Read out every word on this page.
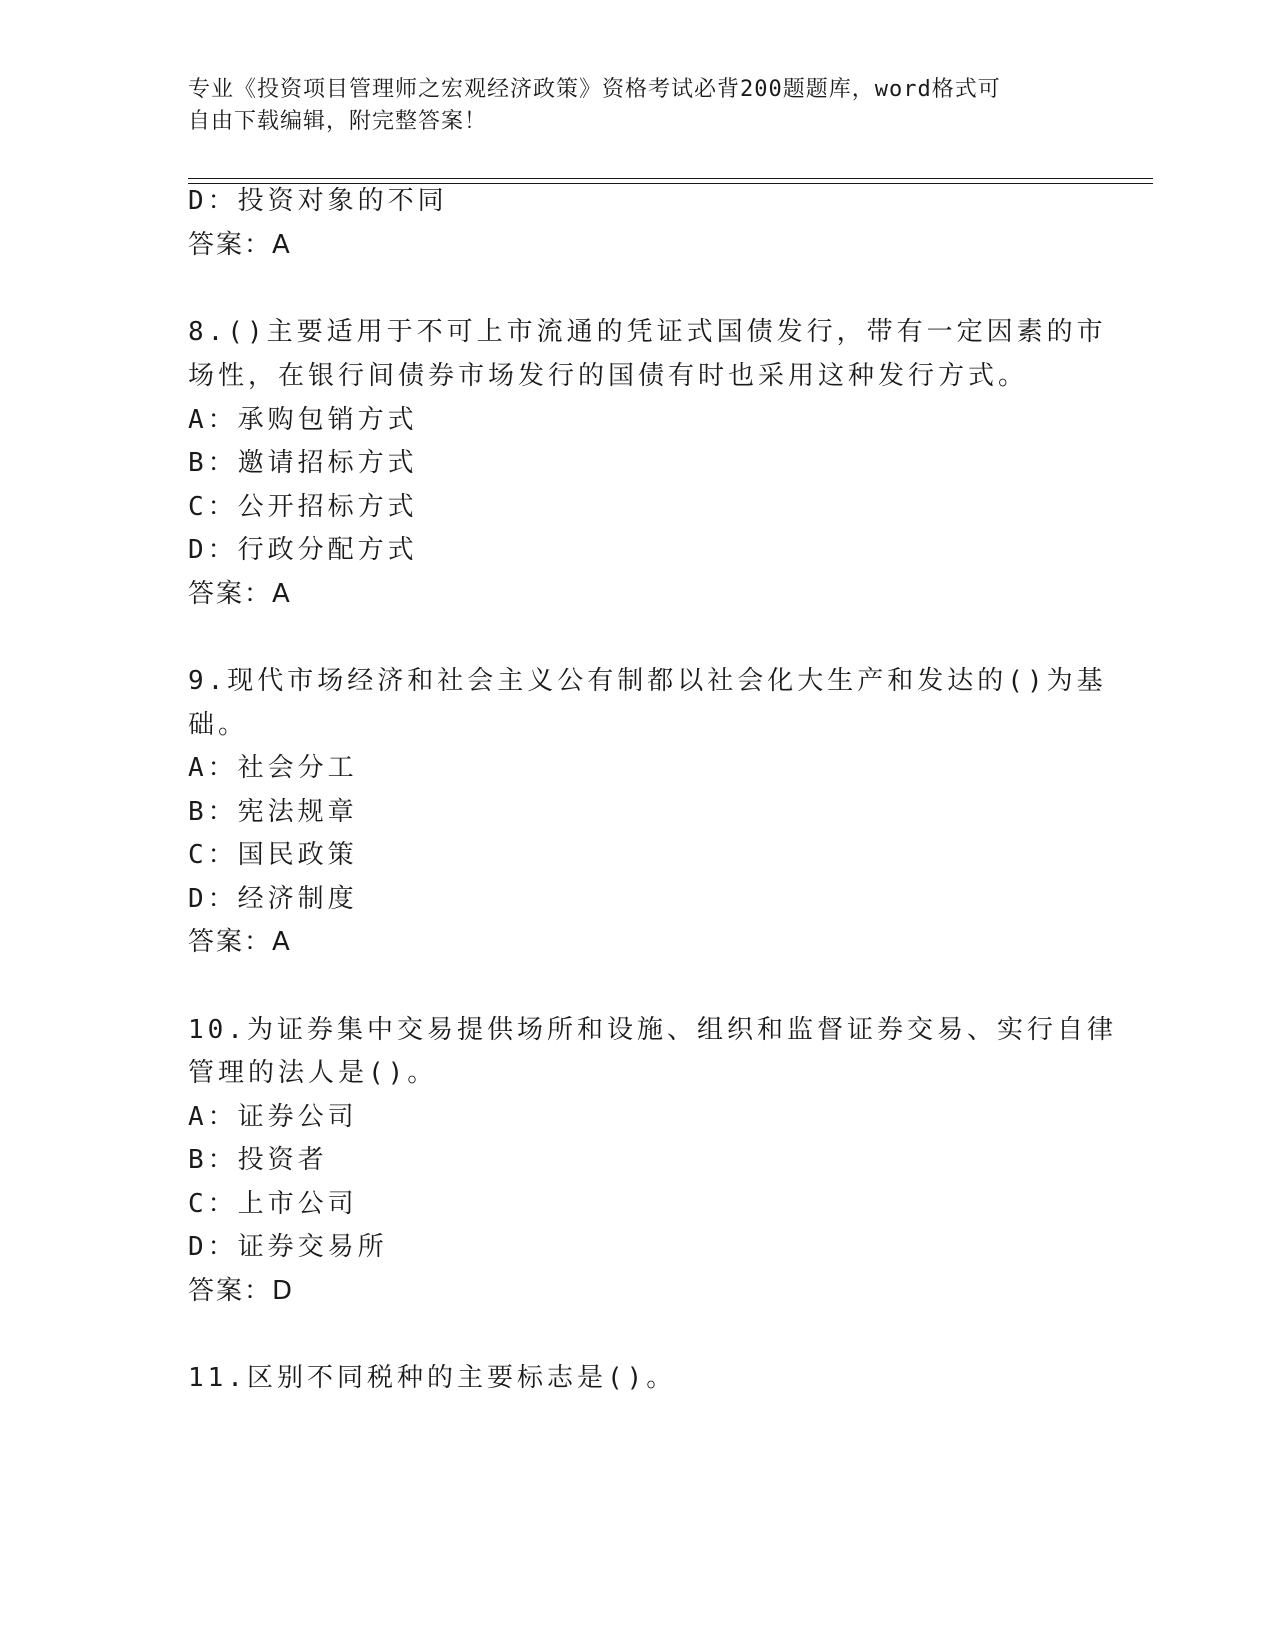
专业《投资项目管理师之宏观经济政策》资格考试必背200题题库，word格式可
自由下载编辑，附完整答案！
D：投资对象的不同
答案：A
8.()主要适用于不可上市流通的凭证式国债发行，带有一定因素的市
场性，在银行间债券市场发行的国债有时也采用这种发行方式。
A：承购包销方式
B：邀请招标方式
C：公开招标方式
D：行政分配方式
答案：A
9.现代市场经济和社会主义公有制都以社会化大生产和发达的()为基
础。
A：社会分工
B：宪法规章
C：国民政策
D：经济制度
答案：A
10.为证券集中交易提供场所和设施、组织和监督证券交易、实行自律
管理的法人是()。
A：证券公司
B：投资者
C：上市公司
D：证券交易所
答案：D
11.区别不同税种的主要标志是()。
